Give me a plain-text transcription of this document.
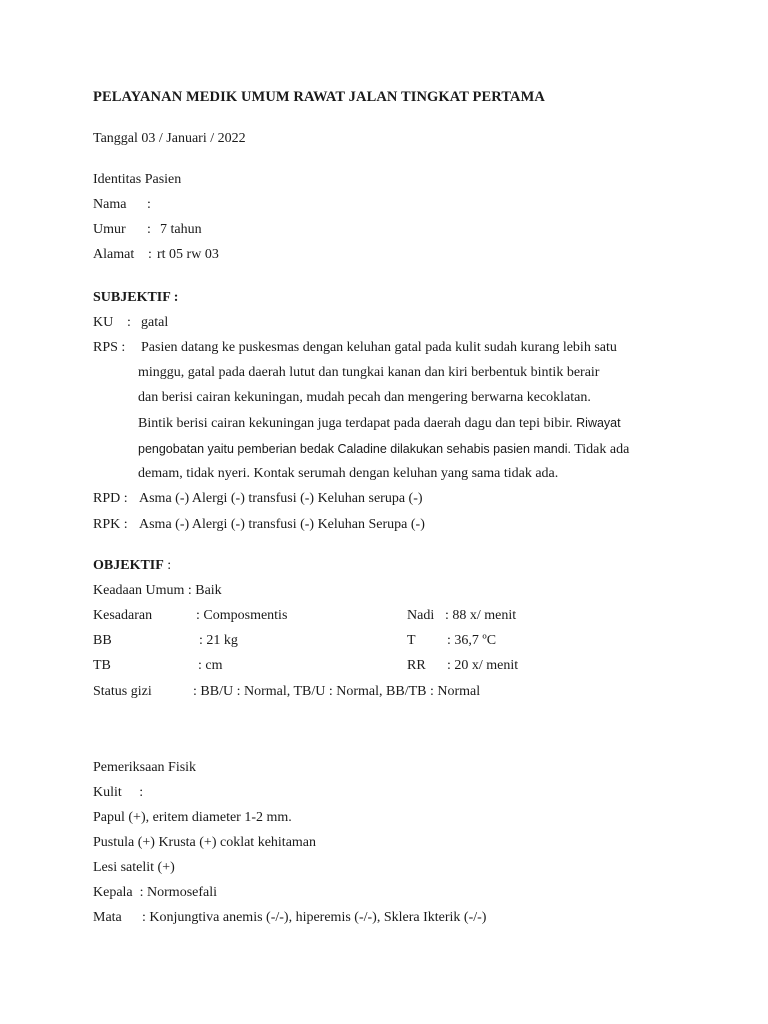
PELAYANAN MEDIK UMUM RAWAT JALAN TINGKAT PERTAMA
Tanggal 03 / Januari / 2022
Identitas Pasien
Nama :
Umur : 7 tahun
Alamat : rt 05 rw 03
SUBJEKTIF :
KU : gatal
RPS : Pasien datang ke puskesmas dengan keluhan gatal pada kulit sudah kurang lebih satu
minggu, gatal pada daerah lutut dan tungkai kanan dan kiri berbentuk bintik berair
dan berisi cairan kekuningan, mudah pecah dan mengering berwarna kecoklatan.
Bintik berisi cairan kekuningan juga terdapat pada daerah dagu dan tepi bibir. Riwayat
pengobatan yaitu pemberian bedak Caladine dilakukan sehabis pasien mandi. Tidak ada
demam, tidak nyeri. Kontak serumah dengan keluhan yang sama tidak ada.
RPD : Asma (-) Alergi (-) transfusi (-) Keluhan serupa (-)
RPK : Asma (-) Alergi (-) transfusi (-) Keluhan Serupa (-)
OBJEKTIF :
Keadaan Umum : Baik
Kesadaran	: Composmentis	Nadi : 88 x/ menit
BB	: 21 kg	T : 36,7 ºC
TB	: cm	RR : 20 x/ menit
Status gizi	: BB/U : Normal, TB/U : Normal, BB/TB : Normal
Pemeriksaan Fisik
Kulit     :
Papul (+), eritem diameter 1-2 mm.
Pustula (+) Krusta (+) coklat kehitaman
Lesi satelit (+)
Kepala  : Normosefali
Mata : Konjungtiva anemis (-/-), hiperemis (-/-), Sklera Ikterik (-/-)
